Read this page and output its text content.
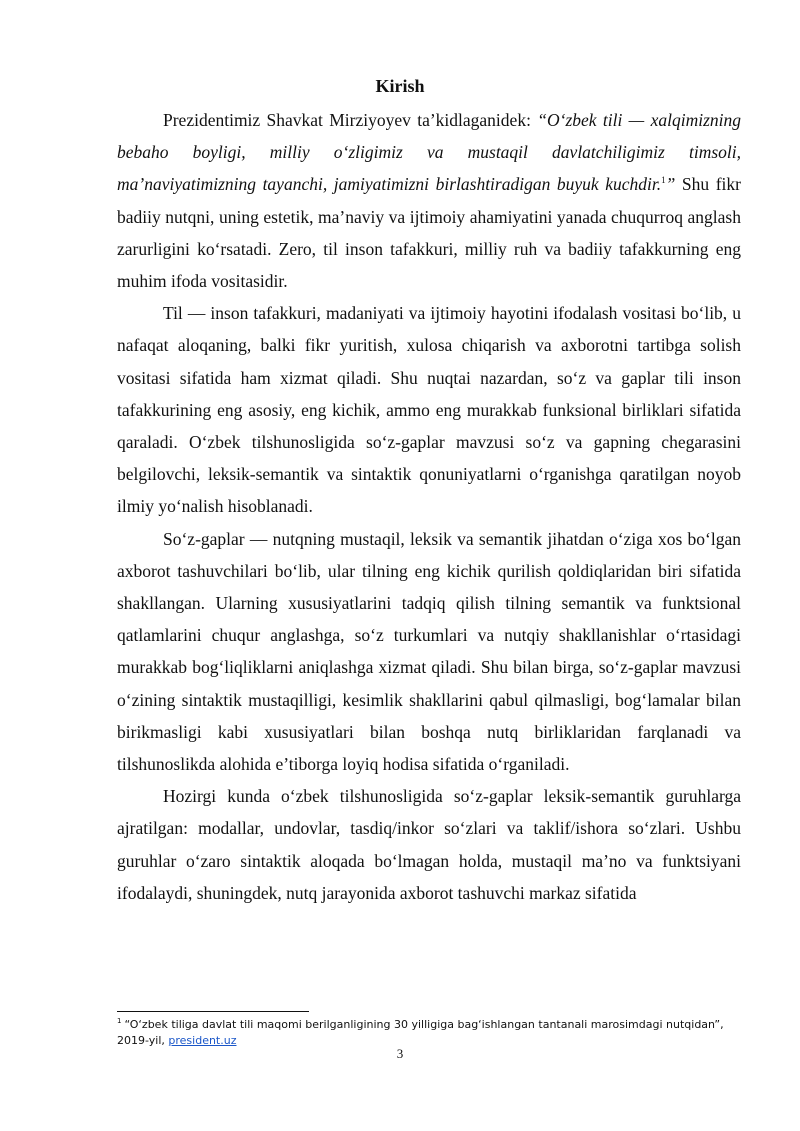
Kirish

Prezidentimiz Shavkat Mirziyoyev ta’kidlaganidek: “O‘zbek tili — xalqimizning bebaho boyligi, milliy o‘zligimiz va mustaqil davlatchiligimiz timsoli, ma’naviyatimizning tayanchi, jamiyatimizni birlashtiradigan buyuk kuchdir.$^1$” Shu fikr badiiy nutqni, uning estetik, ma’naviy va ijtimoiy ahamiyatini yanada chuqurroq anglash zarurligini ko‘rsatadi. Zero, til inson tafakkuri, milliy ruh va badiiy tafakkurning eng muhim ifoda vositasidir.

Til — inson tafakkuri, madaniyati va ijtimoiy hayotini ifodalash vositasi bo‘lib, u nafaqat aloqaning, balki fikr yuritish, xulosa chiqarish va axborotni tartibga solish vositasi sifatida ham xizmat qiladi. Shu nuqtai nazardan, so‘z va gaplar tili inson tafakkurining eng asosiy, eng kichik, ammo eng murakkab funksional birliklari sifatida qaraladi. O‘zbek tilshunosligida so‘z-gaplar mavzusi so‘z va gapning chegarasini belgilovchi, leksik-semantik va sintaktik qonuniyatlarni o‘rganishga qaratilgan noyob ilmiy yo‘nalish hisoblanadi.

So‘z-gaplar — nutqning mustaqil, leksik va semantik jihatdan o‘ziga xos bo‘lgan axborot tashuvchilari bo‘lib, ular tilning eng kichik qurilish qoldiqlaridan biri sifatida shakllangan. Ularning xususiyatlarini tadqiq qilish tilning semantik va funktsional qatlamlarini chuqur anglashga, so‘z turkumlari va nutqiy shakllanishlar o‘rtasidagi murakkab bog‘liqliklarni aniqlashga xizmat qiladi. Shu bilan birga, so‘z-gaplar mavzusi o‘zining sintaktik mustaqilligi, kesimlik shakllarini qabul qilmasligi, bog‘lamalar bilan birikmasligi kabi xususiyatlari bilan boshqa nutq birliklaridan farqlanadi va tilshunoslikda alohida e’tiborga loyiq hodisa sifatida o‘rganiladi.

Hozirgi kunda o‘zbek tilshunosligida so‘z-gaplar leksik-semantik guruhlarga ajratilgan: modallar, undovlar, tasdiq/inkor so‘zlari va taklif/ishora so‘zlari. Ushbu guruhlar o‘zaro sintaktik aloqada bo‘lmagan holda, mustaqil ma’no va funktsiyani ifodalaydi, shuningdek, nutq jarayonida axborot tashuvchi markaz sifatida

$^1$ “O‘zbek tiliga davlat tili maqomi berilganligining 30 yilligiga bag‘ishlangan tantanali marosimdagi nutqidan”, 2019-yil, president.uz
3
